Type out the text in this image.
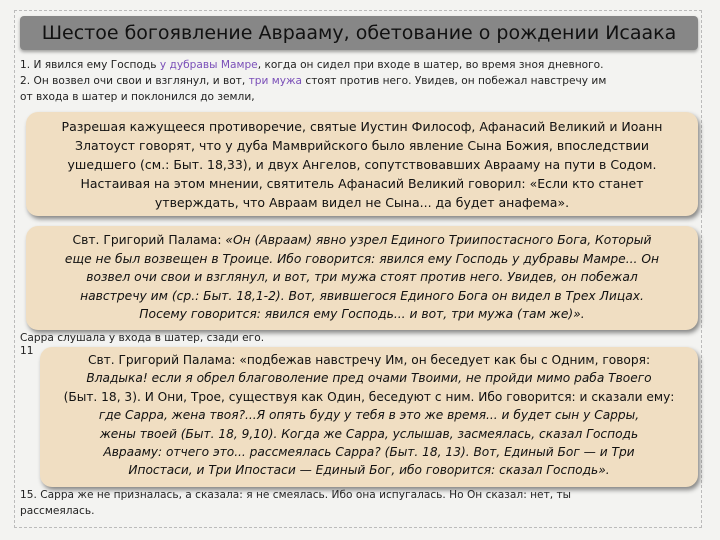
Шестое богоявление Аврааму, обетование о рождении Исаака

1. И явился ему Господь у дубравы Мамре, когда он сидел при входе в шатер, во время зноя дневного.

2. Он возвел очи свои и взглянул, и вот, три мужа стоят против него. Увидев, он побежал навстречу им

от входа в шатер и поклонился до земли,

Разрешая кажущееся противоречие, святые Иустин Философ, Афанасий Великий и Иоанн

Златоуст говорят, что у дуба Мамврийского было явление Сына Божия, впоследствии

ушедшего (см.: Быт. 18,33), и двух Ангелов, сопутствовавших Аврааму на пути в Содом.

Настаивая на этом мнении, святитель Афанасий Великий говорил: «Если кто станет

утверждать, что Авраам видел не Сына... да будет анафема».

Свт. Григорий Палама: «Он (Авраам) явно узрел Единого Триипостасного Бога, Который

еще не был возвещен в Троице. Ибо говорится: явился ему Господь у дубравы Мамре... Он

возвел очи свои и взглянул, и вот, три мужа стоят против него. Увидев, он побежал

навстречу им (ср.: Быт. 18,1-2). Вот, явившегося Единого Бога он видел в Трех Лицах.

Посему говорится: явился ему Господь... и вот, три мужа (там же)».

Сарра слушала у входа в шатер, сзади его.
11

Свт. Григорий Палама: «подбежав навстречу Им, он беседует как бы с Одним, говоря:

Владыка! если я обрел благоволение пред очами Твоими, не пройди мимо раба Твоего

(Быт. 18, 3). И Они, Трое, существуя как Один, беседуют с ним. Ибо говорится: и сказали ему:

где Сарра, жена твоя?...Я опять буду у тебя в это же время... и будет сын у Сарры,

жены твоей (Быт. 18, 9,10). Когда же Сарра, услышав, засмеялась, сказал Господь

Аврааму: отчего это... рассмеялась Сарра? (Быт. 18, 13). Вот, Единый Бог — и Три

Ипостаси, и Три Ипостаси — Единый Бог, ибо говорится: сказал Господь».

15. Сарра же не призналась, а сказала: я не смеялась. Ибо она испугалась. Но Он сказал: нет, ты

рассмеялась.
